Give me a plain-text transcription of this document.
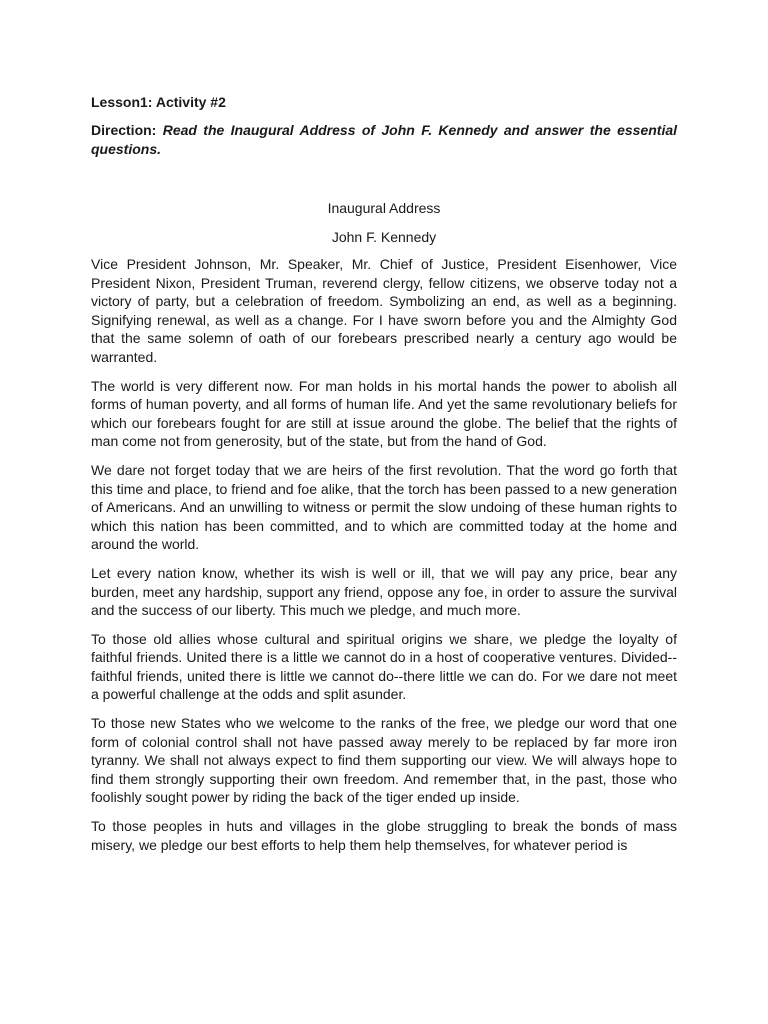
Lesson1: Activity #2

Direction: Read the Inaugural Address of John F. Kennedy and answer the essential questions.

Inaugural Address

John F. Kennedy

Vice President Johnson, Mr. Speaker, Mr. Chief of Justice, President Eisenhower, Vice President Nixon, President Truman, reverend clergy, fellow citizens, we observe today not a victory of party, but a celebration of freedom. Symbolizing an end, as well as a beginning. Signifying renewal, as well as a change. For I have sworn before you and the Almighty God that the same solemn of oath of our forebears prescribed nearly a century ago would be warranted.

The world is very different now. For man holds in his mortal hands the power to abolish all forms of human poverty, and all forms of human life. And yet the same revolutionary beliefs for which our forebears fought for are still at issue around the globe. The belief that the rights of man come not from generosity, but of the state, but from the hand of God.

We dare not forget today that we are heirs of the first revolution. That the word go forth that this time and place, to friend and foe alike, that the torch has been passed to a new generation of Americans. And an unwilling to witness or permit the slow undoing of these human rights to which this nation has been committed, and to which are committed today at the home and around the world.

Let every nation know, whether its wish is well or ill, that we will pay any price, bear any burden, meet any hardship, support any friend, oppose any foe, in order to assure the survival and the success of our liberty. This much we pledge, and much more.

To those old allies whose cultural and spiritual origins we share, we pledge the loyalty of faithful friends. United there is a little we cannot do in a host of cooperative ventures. Divided-- faithful friends, united there is little we cannot do--there little we can do. For we dare not meet a powerful challenge at the odds and split asunder.

To those new States who we welcome to the ranks of the free, we pledge our word that one form of colonial control shall not have passed away merely to be replaced by far more iron tyranny. We shall not always expect to find them supporting our view. We will always hope to find them strongly supporting their own freedom. And remember that, in the past, those who foolishly sought power by riding the back of the tiger ended up inside.

To those peoples in huts and villages in the globe struggling to break the bonds of mass misery, we pledge our best efforts to help them help themselves, for whatever period is
